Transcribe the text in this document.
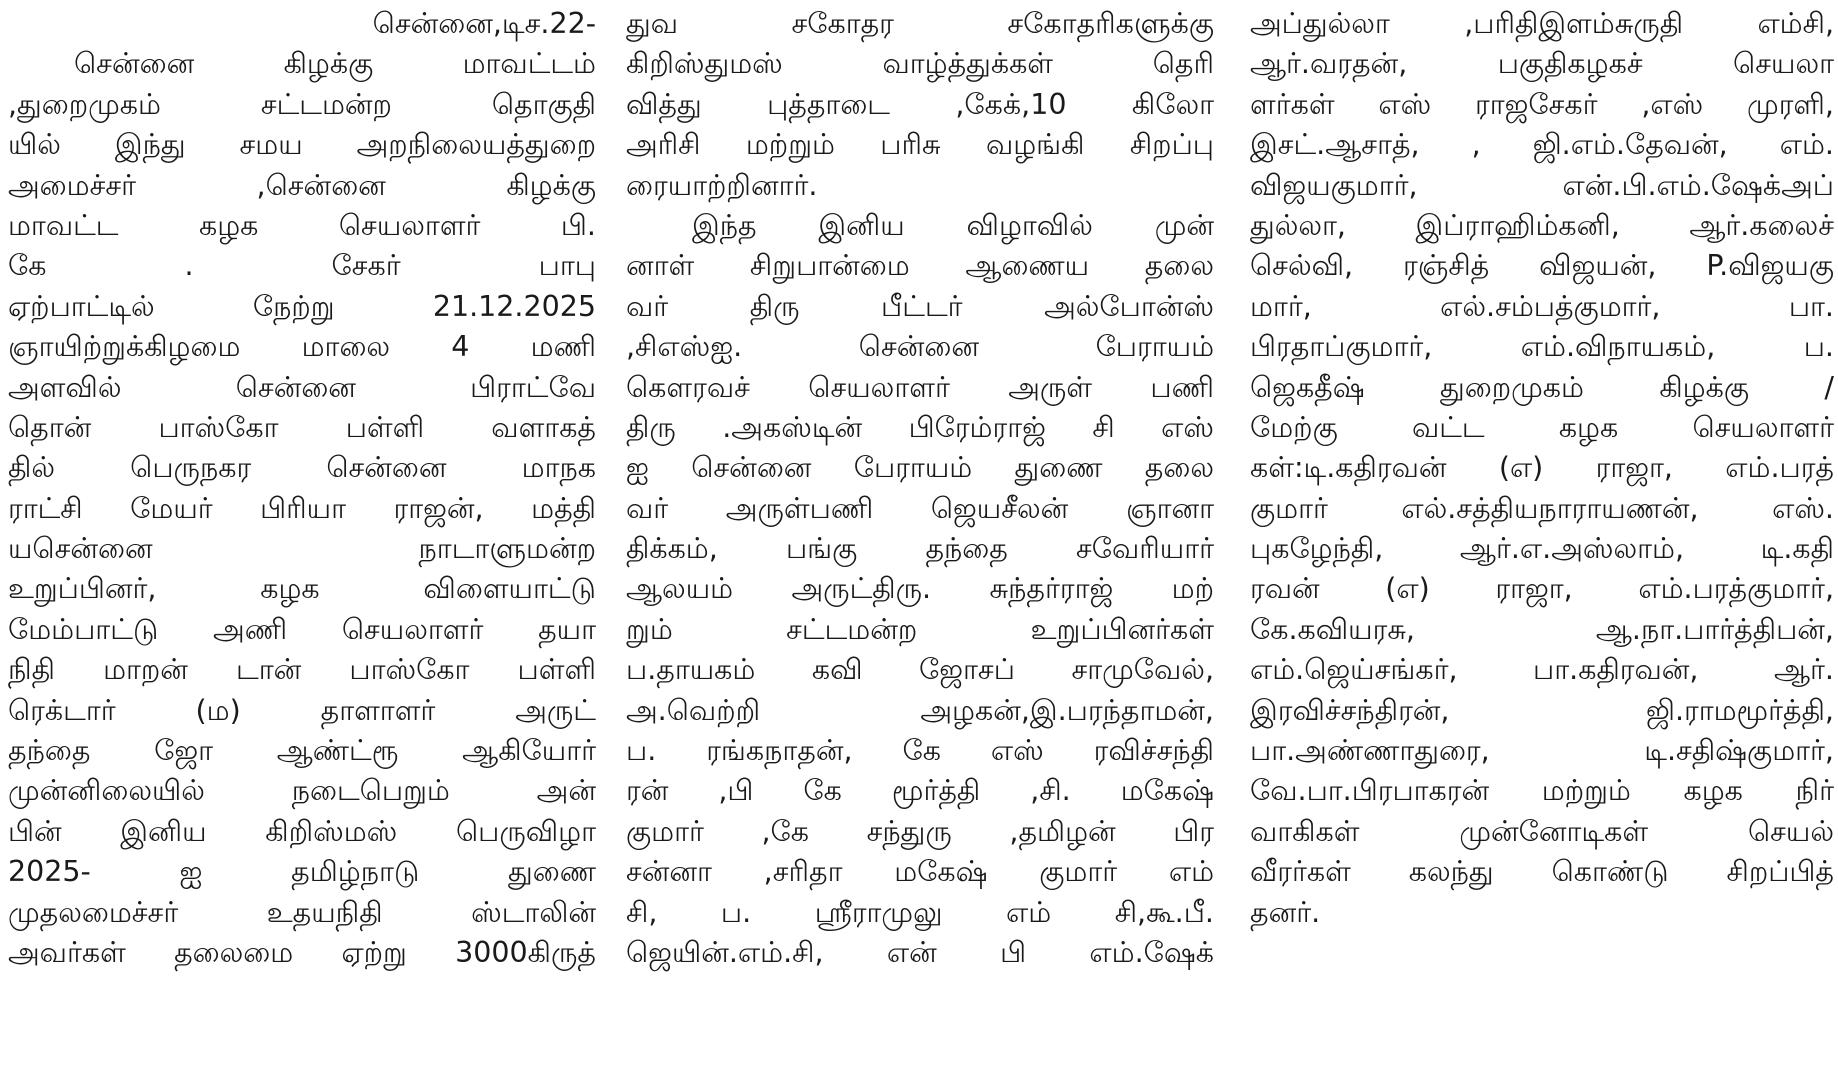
சென்னை,டிச.22-
சென்னை கிழக்கு மாவட்டம்
,துறைமுகம் சட்டமன்ற தொகுதி
யில் இந்து சமய அறநிலையத்துறை
அமைச்சர் ,சென்னை கிழக்கு
மாவட்ட கழக செயலாளர் பி.
கே . சேகர் பாபு
ஏற்பாட்டில் நேற்று 21.12.2025
ஞாயிற்றுக்கிழமை மாலை 4 மணி
அளவில் சென்னை பிராட்வே
தொன் பாஸ்கோ பள்ளி வளாகத்
தில் பெருநகர சென்னை மாநக
ராட்சி மேயர் பிரியா ராஜன், மத்தி
யசென்னை நாடாளுமன்ற
உறுப்பினர், கழக விளையாட்டு
மேம்பாட்டு அணி செயலாளர் தயா
நிதி மாறன் டான் பாஸ்கோ பள்ளி
ரெக்டார் (ம) தாளாளர் அருட்
தந்தை ஜோ ஆண்ட்ரூ ஆகியோர்
முன்னிலையில் நடைபெறும் அன்
பின் இனிய கிறிஸ்மஸ் பெருவிழா
2025- ஐ தமிழ்நாடு துணை
முதலமைச்சர் உதயநிதி ஸ்டாலின்
அவர்கள் தலைமை ஏற்று 3000கிருத்
துவ சகோதர சகோதரிகளுக்கு
கிறிஸ்துமஸ் வாழ்த்துக்கள் தெரி
வித்து புத்தாடை ,கேக்,10 கிலோ
அரிசி மற்றும் பரிசு வழங்கி சிறப்பு
ரையாற்றினார்.
இந்த இனிய விழாவில் முன்
னாள் சிறுபான்மை ஆணைய தலை
வர் திரு பீட்டர் அல்போன்ஸ்
,சிஎஸ்ஐ. சென்னை பேராயம்
கௌரவச் செயலாளர் அருள் பணி
திரு .அகஸ்டின் பிரேம்ராஜ் சி எஸ்
ஐ சென்னை பேராயம் துணை தலை
வர் அருள்பணி ஜெயசீலன் ஞானா
திக்கம், பங்கு தந்தை சவேரியார்
ஆலயம் அருட்திரு. சுந்தர்ராஜ் மற்
றும் சட்டமன்ற உறுப்பினர்கள்
ப.தாயகம் கவி ஜோசப் சாமுவேல்,
அ.வெற்றி அழகன்,இ.பரந்தாமன்,
ப. ரங்கநாதன், கே எஸ் ரவிச்சந்தி
ரன் ,பி கே மூர்த்தி ,சி. மகேஷ்
குமார் ,கே சந்துரு ,தமிழன் பிர
சன்னா ,சரிதா மகேஷ் குமார் எம்
சி, ப. ஸ்ரீராமுலு எம் சி,கூ.பீ.
ஜெயின்.எம்.சி, என் பி எம்.ஷேக்
அப்துல்லா ,பரிதிஇளம்சுருதி எம்சி,
ஆர்.வரதன், பகுதிகழகச் செயலா
ளர்கள் எஸ் ராஜசேகர் ,எஸ் முரளி,
இசட்.ஆசாத், , ஜி.எம்.தேவன், எம்.
விஜயகுமார், என்.பி.எம்.ஷேக்அப்
துல்லா, இப்ராஹிம்கனி, ஆர்.கலைச்
செல்வி, ரஞ்சித் விஜயன், P.விஜயகு
மார், எல்.சம்பத்குமார், பா.
பிரதாப்குமார், எம்.விநாயகம், ப.
ஜெகதீஷ் துறைமுகம் கிழக்கு /
மேற்கு வட்ட கழக செயலாளர்
கள்:டி.கதிரவன் (எ) ராஜா, எம்.பரத்
குமார் எல்.சத்தியநாராயணன், எஸ்.
புகழேந்தி, ஆர்.எ.அஸ்லாம், டி.கதி
ரவன் (எ) ராஜா, எம்.பரத்குமார்,
கே.கவியரசு, ஆ.நா.பார்த்திபன்,
எம்.ஜெய்சங்கர், பா.கதிரவன், ஆர்.
இரவிச்சந்திரன், ஜி.ராமமூர்த்தி,
பா.அண்ணாதுரை, டி.சதிஷ்குமார்,
வே.பா.பிரபாகரன் மற்றும் கழக நிர்
வாகிகள் முன்னோடிகள் செயல்
வீரர்கள் கலந்து கொண்டு சிறப்பித்
தனர்.
